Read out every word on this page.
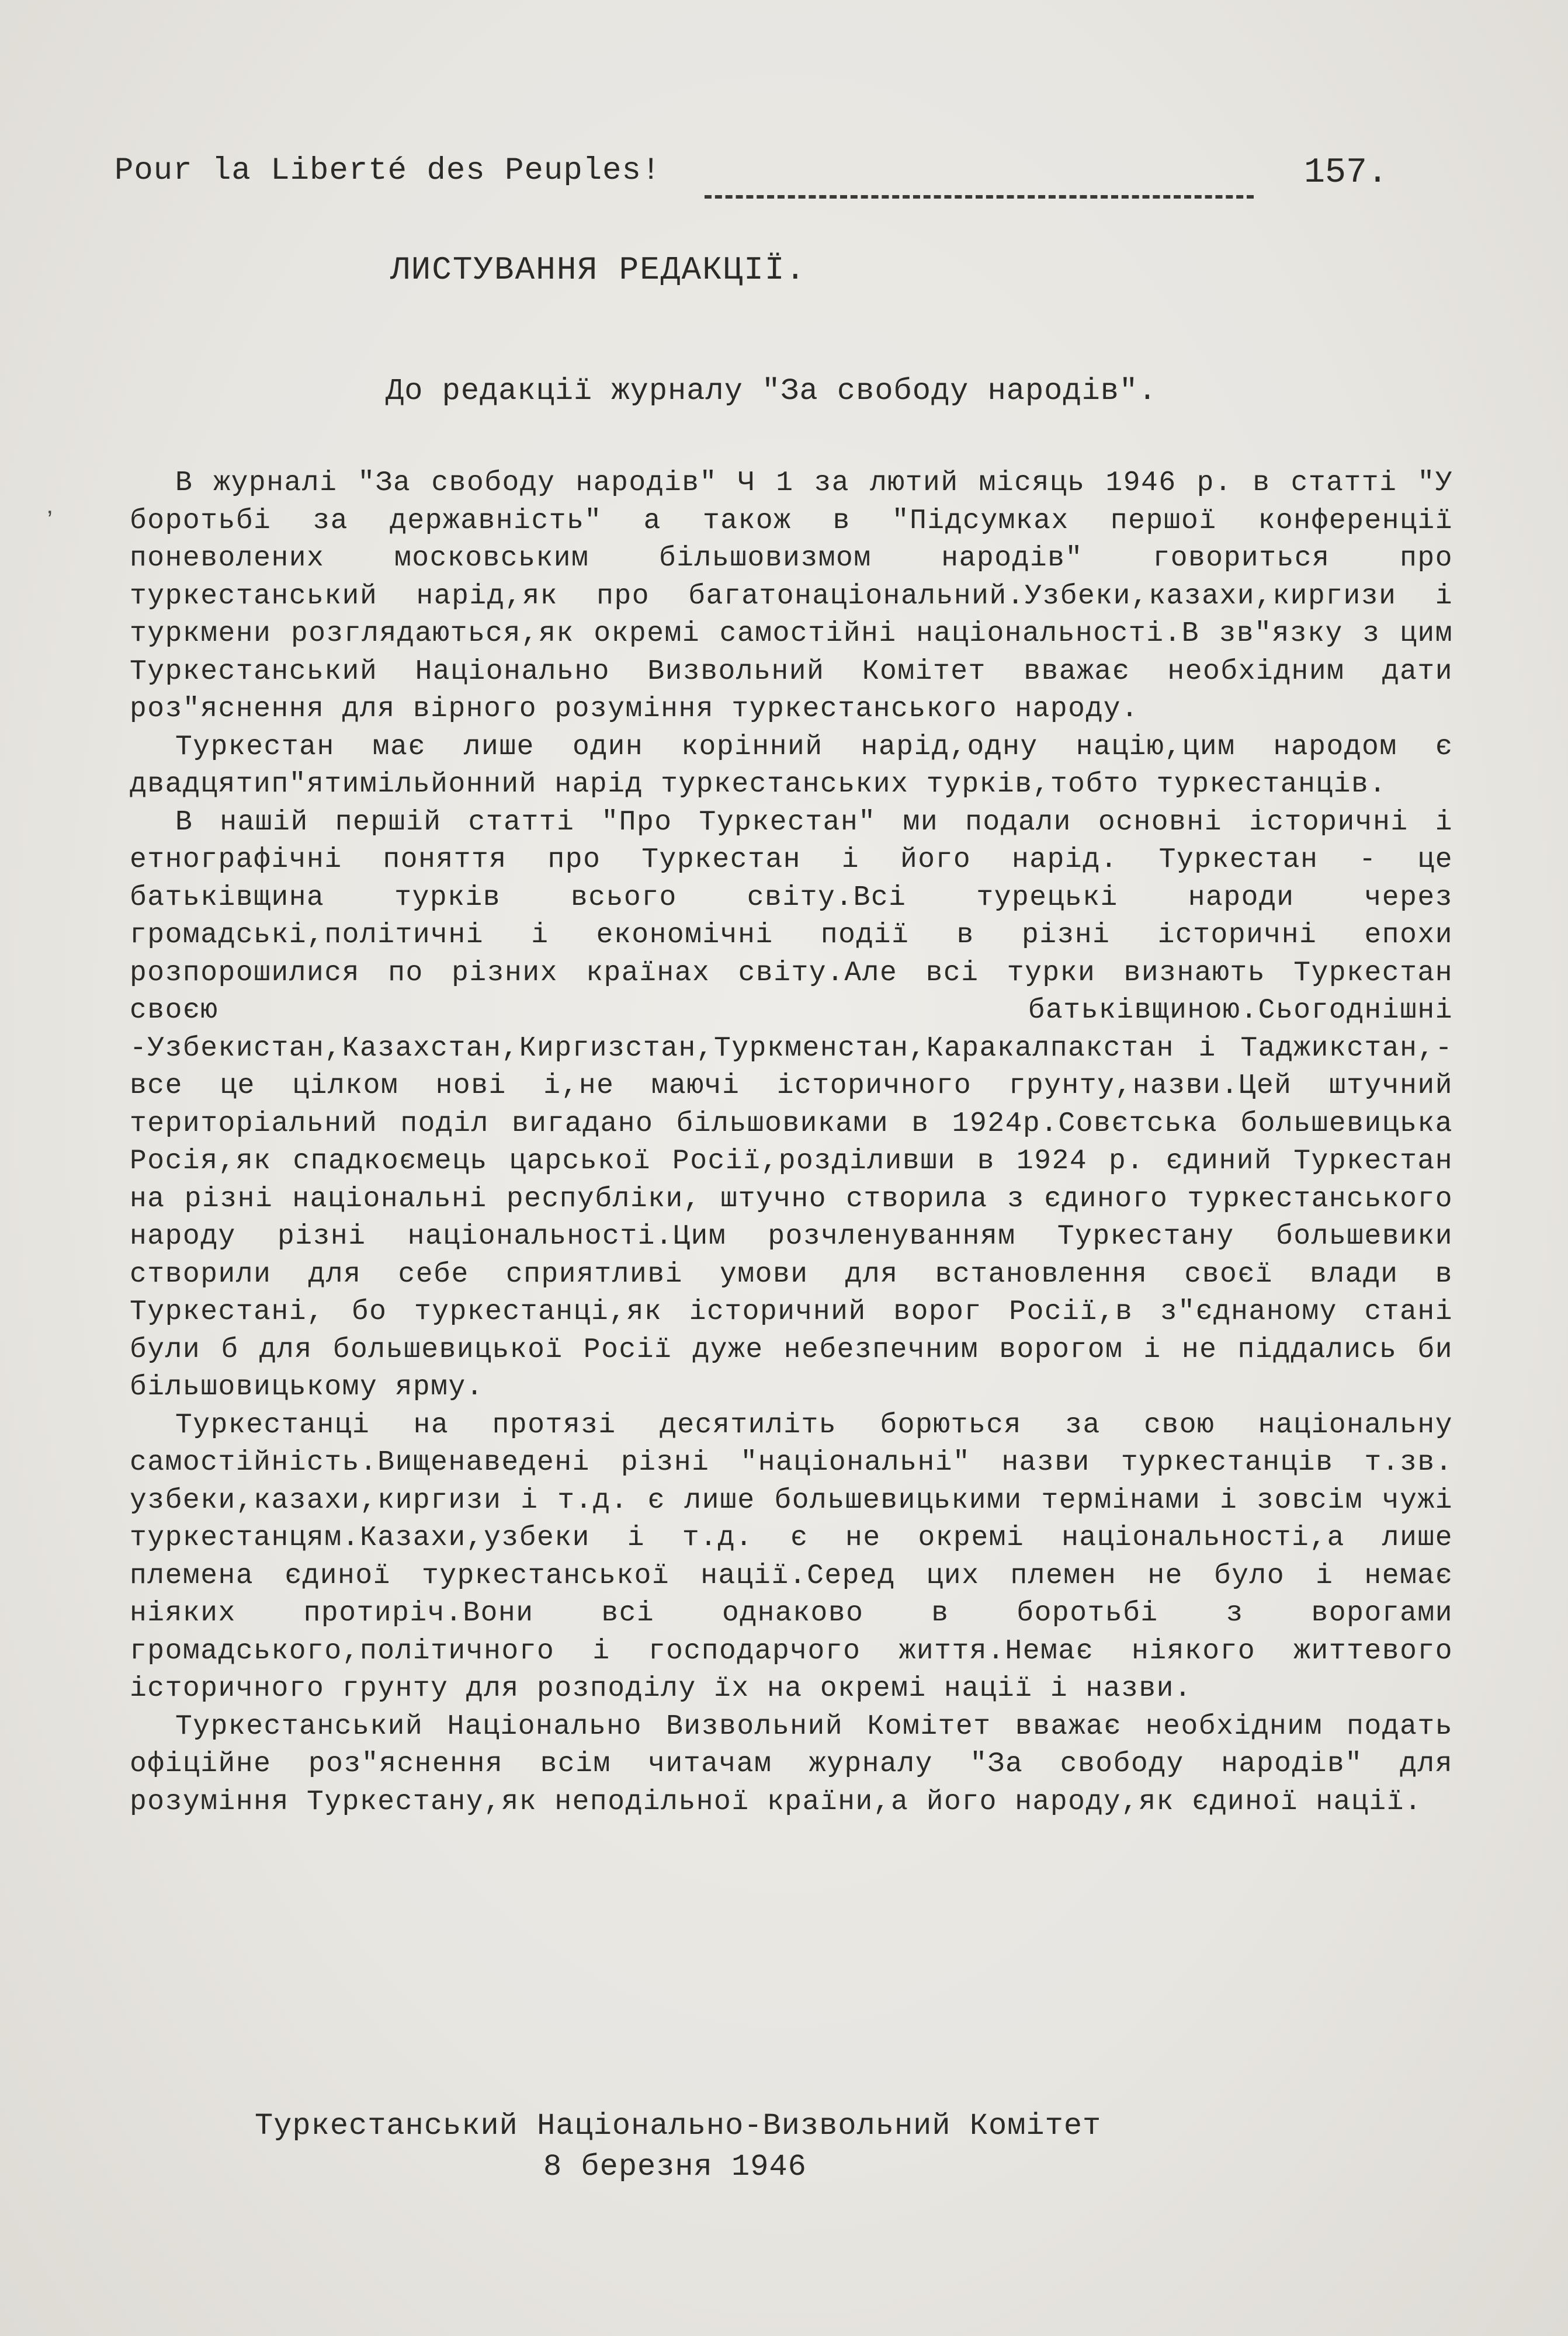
Pour la Liberté des Peuples!	157.
ʼ
ЛИСТУВАННЯ РЕДАКЦІЇ.
До редакції журналу "За свободу народів".

В журналі "За свободу народів" Ч 1 за лютий місяць 1946 р. в статті "У боротьбі за державність" а також в "Підсумках першої конференції поневолених московським більшовизмом народів" говориться про туркестанський нарід,як про багатонаціональний.Узбеки,казахи,киргизи і туркмени розглядаються,як окремі самостійні національності.В зв"язку з цим Туркестанський Національно Визвольний Комітет вважає необхідним дати роз"яснення для вірного розуміння туркестанського народу.

Туркестан має лише один корінний нарід,одну націю,цим народом є двадцятип"ятимільйонний нарід туркестанських турків,тобто туркестанців.

В нашій першій статті "Про Туркестан" ми подали основні історичні і етнографічні поняття про Туркестан і його нарід. Туркестан - це батьківщина турків всього світу.Всі турецькі народи через громадські,політичні і економічні події в різні історичні епохи розпорошилися по різних країнах світу.Але всі турки визнають Туркестан своєю батьківщиною.Сьогоднішні -Узбекистан,Казахстан,Киргизстан,Туркменстан,Каракалпакстан і Таджикстан,- все це цілком нові і,не маючі історичного грунту,назви.Цей штучний територіальний поділ вигадано більшовиками в 1924р.Совєтська большевицька Росія,як спадкоємець царської Росії,розділивши в 1924 р. єдиний Туркестан на різні національні республіки, штучно створила з єдиного туркестанського народу різні національності.Цим розчленуванням Туркестану большевики створили для себе сприятливі умови для встановлення своєї влади в Туркестані, бо туркестанці,як історичний ворог Росії,в з"єднаному стані були б для большевицької Росії дуже небезпечним ворогом і не піддались би більшовицькому ярму.

Туркестанці на протязі десятиліть борються за свою національну самостійність.Вищенаведені різні "національні" назви туркестанців т.зв. узбеки,казахи,киргизи і т.д. є лише большевицькими термінами і зовсім чужі туркестанцям.Казахи,узбеки і т.д. є не окремі національності,а лише племена єдиної туркестанської нації.Серед цих племен не було і немає ніяких протиріч.Вони всі однаково в боротьбі з ворогами громадського,політичного і господарчого життя.Немає ніякого життевого історичного грунту для розподілу їх на окремі нації і назви.

Туркестанський Національно Визвольний Комітет вважає необхідним подать офіційне роз"яснення всім читачам журналу "За свободу народів" для розуміння Туркестану,як неподільної країни,а його народу,як єдиної нації.

Туркестанський Національно-Визвольний Комітет
8 березня 1946
